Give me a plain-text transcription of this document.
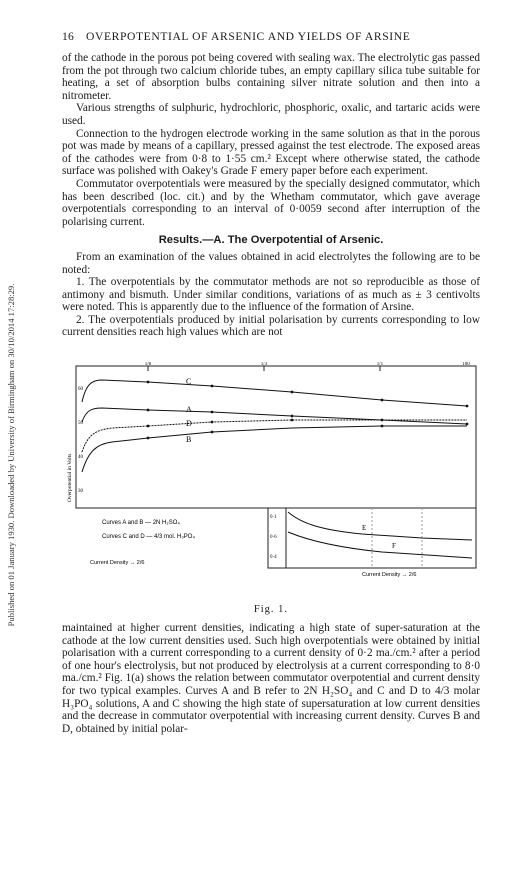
Published on 01 January 1930. Downloaded by University of Birmingham on 30/10/2014 17:28:29.
16 OVERPOTENTIAL OF ARSENIC AND YIELDS OF ARSINE

of the cathode in the porous pot being covered with sealing wax. The electrolytic gas passed from the pot through two calcium chloride tubes, an empty capillary silica tube suitable for heating, a set of absorption bulbs containing silver nitrate solution and then into a nitrometer.

Various strengths of sulphuric, hydrochloric, phosphoric, oxalic, and tartaric acids were used.

Connection to the hydrogen electrode working in the same solution as that in the porous pot was made by means of a capillary, pressed against the test electrode. The exposed areas of the cathodes were from 0·8 to 1·55 cm.² Except where otherwise stated, the cathode surface was polished with Oakey's Grade F emery paper before each experiment.

Commutator overpotentials were measured by the specially designed commutator, which has been described (loc. cit.) and by the Whetham commutator, which gave average overpotentials corresponding to an interval of 0·0059 second after interruption of the polarising current.

Results.—A. The Overpotential of Arsenic.

From an examination of the values obtained in acid electrolytes the following are to be noted:

1. The overpotentials by the commutator methods are not so reproducible as those of antimony and bismuth. Under similar conditions, variations of as much as ± 3 centivolts were noted. This is apparently due to the influence of the formation of Arsine.

2. The overpotentials produced by initial polarisation by currents corresponding to low current densities reach high values which are not

1/8	1/3	1/1	100
60
50
40
30
Overpotential in Volts
C
A
D
B
Curves A and B — 2N H₂SO₄
Curves C and D — 4/3 mol. H₃PO₄
Current Density → 2/6
0·1
0·6
0·4
E
F
Current Density → 2/6
Fig. 1.

maintained at higher current densities, indicating a high state of super-saturation at the cathode at the low current densities used. Such high overpotentials were obtained by initial polarisation with a current corresponding to a current density of 0·2 ma./cm.² after a period of one hour's electrolysis, but not produced by electrolysis at a current corresponding to 8·0 ma./cm.² Fig. 1(a) shows the relation between commutator overpotential and current density for two typical examples. Curves A and B refer to 2N H₂SO₄ and C and D to 4/3 molar H₃PO₄ solutions, A and C showing the high state of supersaturation at low current densities and the decrease in commutator overpotential with increasing current density. Curves B and D, obtained by initial polar-
